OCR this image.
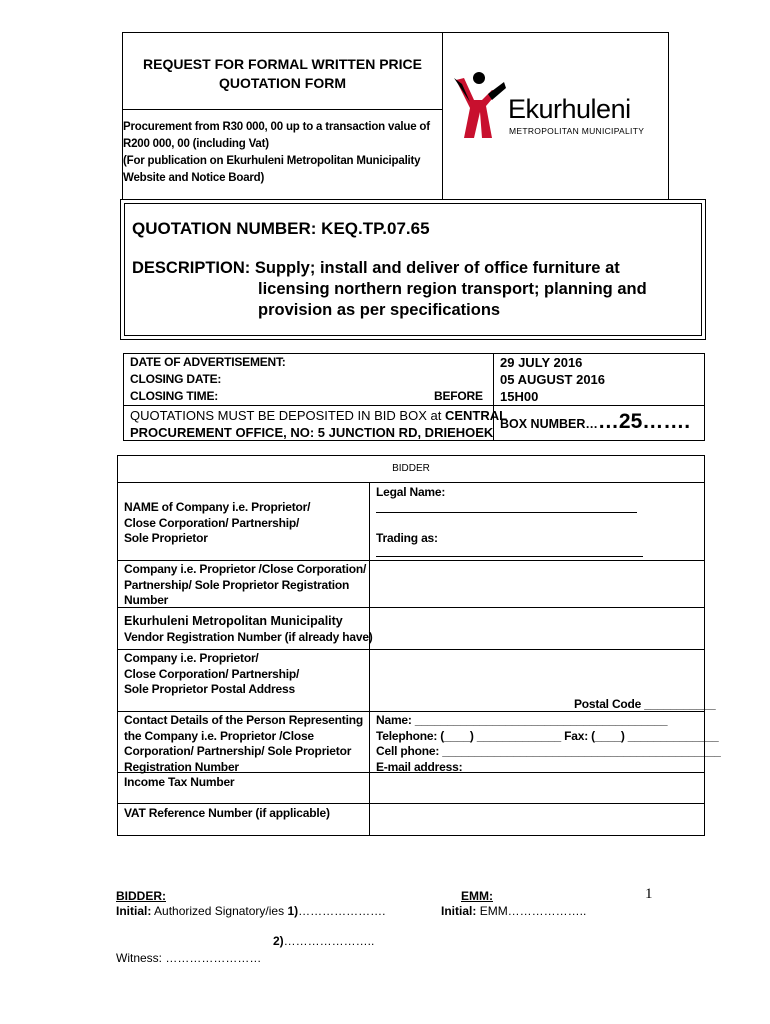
REQUEST FOR FORMAL WRITTEN PRICE
QUOTATION FORM
Procurement from R30 000, 00 up to a transaction value of
R200 000, 00 (including Vat)
(For publication on Ekurhuleni Metropolitan Municipality
Website and Notice Board)
Ekurhuleni
METROPOLITAN MUNICIPALITY
QUOTATION NUMBER: KEQ.TP.07.65
DESCRIPTION: Supply; install and deliver of office furniture at
licensing northern region transport; planning and
provision as per specifications
DATE OF ADVERTISEMENT:
CLOSING DATE:
CLOSING TIME:	BEFORE
29 JULY 2016
05 AUGUST 2016
15H00
QUOTATIONS MUST BE DEPOSITED IN BID BOX at CENTRAL
PROCUREMENT OFFICE, NO: 5 JUNCTION RD, DRIEHOEK
BOX NUMBER……25…….
BIDDER
NAME of Company i.e. Proprietor/
Close Corporation/ Partnership/
Sole Proprietor
Legal Name:
Trading as:
Company i.e. Proprietor /Close Corporation/
Partnership/ Sole Proprietor Registration
Number
Ekurhuleni Metropolitan Municipality
Vendor Registration Number (if already have)
Company i.e. Proprietor/
Close Corporation/ Partnership/
Sole Proprietor Postal Address
Postal Code ___________
Contact Details of the Person Representing
the Company i.e. Proprietor /Close
Corporation/ Partnership/ Sole Proprietor
Registration Number
Name: _______________________________________
Telephone: (____) _____________ Fax: (____) ______________
Cell phone: ___________________________________________
E-mail address: ____________________________________
Income Tax Number
VAT Reference Number (if applicable)
BIDDER:
Initial: Authorized Signatory/ies 1)………………….
EMM:
Initial: EMM………………..
1
2)…………………..
Witness: ……………………
